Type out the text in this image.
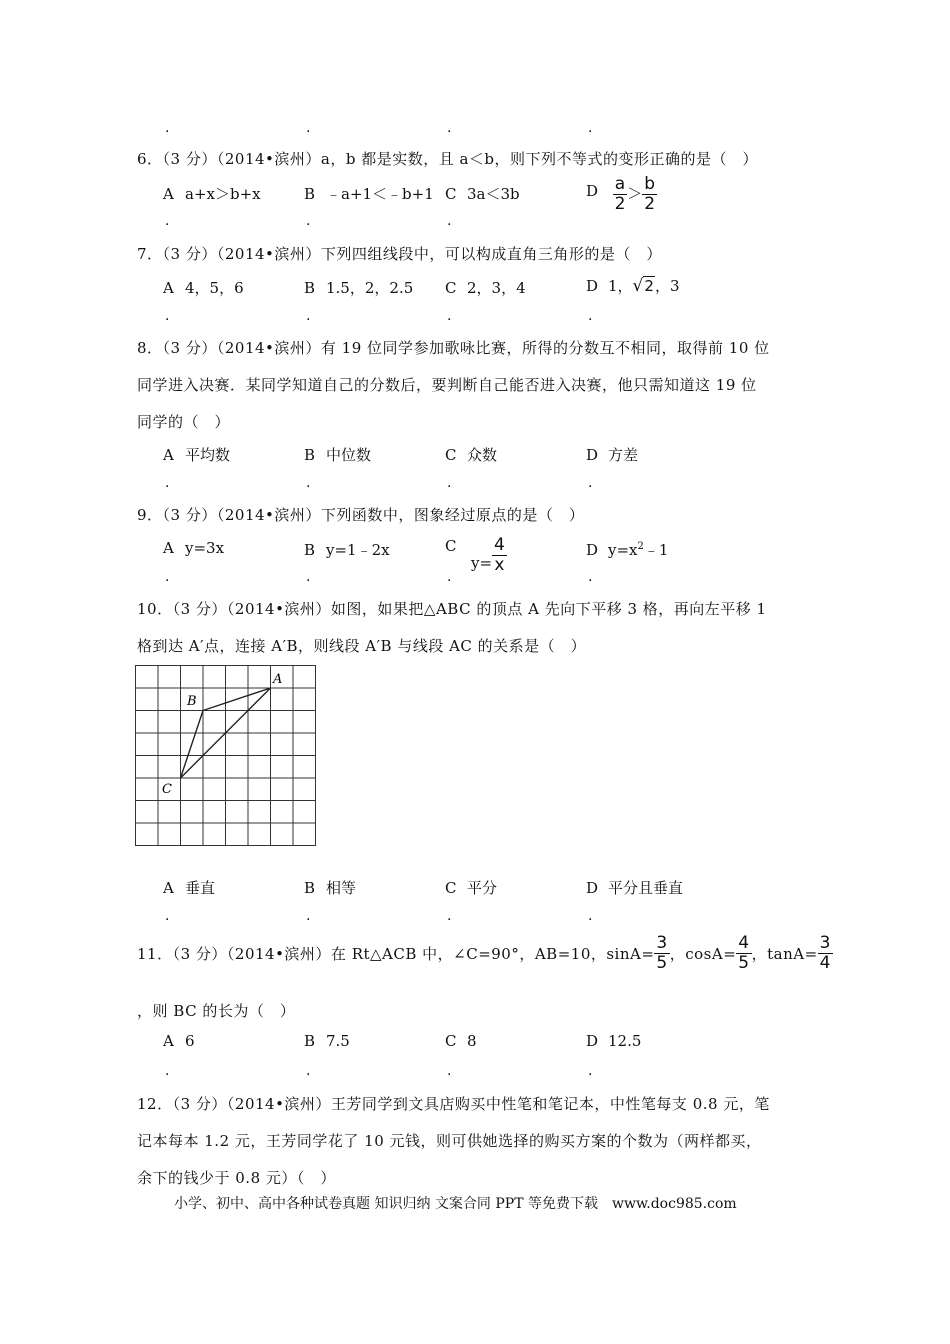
.	.	.	.
6．（3 分）（2014•滨州）a，b 都是实数，且 a＜b，则下列不等式的变形正确的是（　）
A a+x＞b+x	B ﹣a+1＜﹣b+1 C 3a＜3b	D $\frac{a}{2} > \frac{b}{2}$
.	.	.
7．（3 分）（2014•滨州）下列四组线段中，可以构成直角三角形的是（　）
A 4，5，6	B 1.5，2，2.5 C 2，3，4	D 1，√2，3
.	.	.	.
8．（3 分）（2014•滨州）有 19 位同学参加歌咏比赛，所得的分数互不相同，取得前 10 位
同学进入决赛．某同学知道自己的分数后，要判断自己能否进入决赛，他只需知道这 19 位
同学的（　）
A 平均数	B 中位数	C 众数	D 方差
.	.	.	.
9．（3 分）（2014•滨州）下列函数中，图象经过原点的是（　）
A y=3x	B y=1﹣2x	C
$y= \frac{4}{x}$	D $y=x^2﹣1$
.	.	.	.
10．（3 分）（2014•滨州）如图，如果把△ABC 的顶点 A 先向下平移 3 格，再向左平移 1
格到达 A′点，连接 A′B，则线段 A′B 与线段 AC 的关系是（　）
A
B
C
A 垂直	B 相等	C 平分	D 平分且垂直
.	.	.	.
11．（3 分）（2014•滨州）在 Rt△ACB 中，∠C=90°，AB=10，$\sin A= \frac{3}{5}$ ，$\cos A= \frac{4}{5}$ ，$\tan A= \frac{3}{4}$
，则 BC 的长为（　）
A 6	B 7.5	C 8	D 12.5
.	.	.	.
12．（3 分）（2014•滨州）王芳同学到文具店购买中性笔和笔记本，中性笔每支 0.8 元，笔
记本每本 1.2 元，王芳同学花了 10 元钱，则可供她选择的购买方案的个数为（两样都买，
余下的钱少于 0.8 元）（　）
小学、初中、高中各种试卷真题 知识归纳 文案合同 PPT 等免费下载　www.doc985.com
